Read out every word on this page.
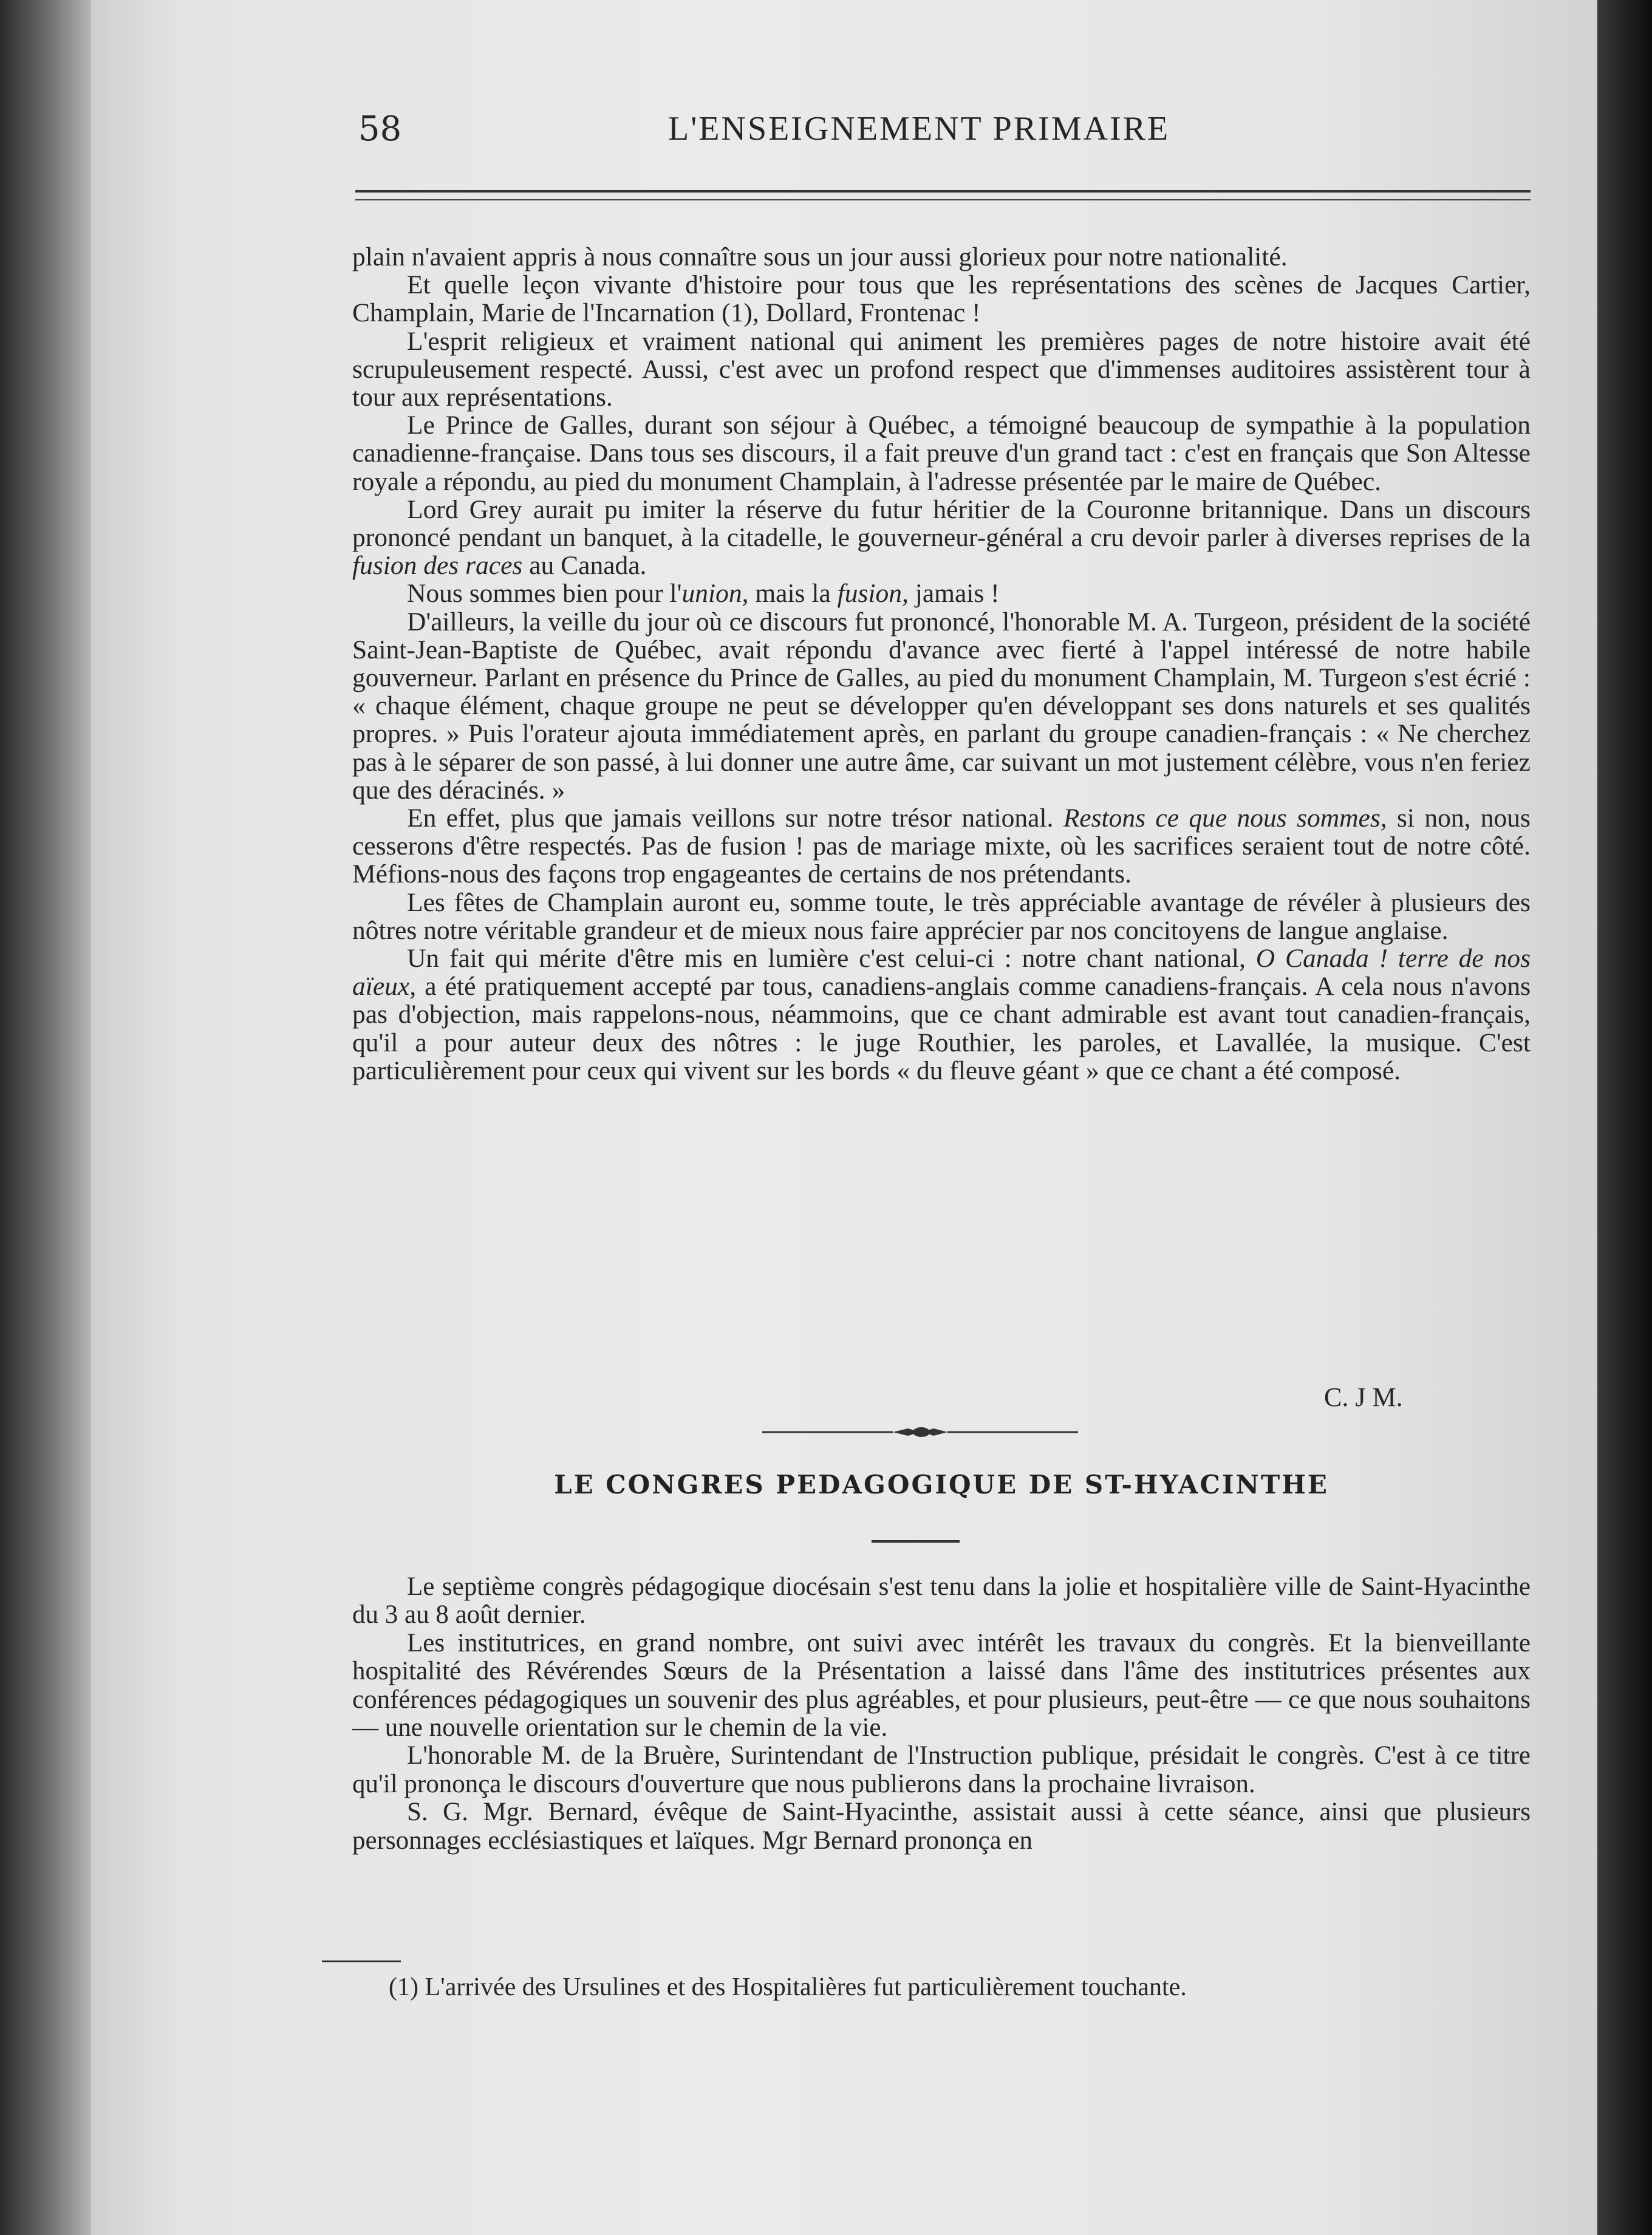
58	L'ENSEIGNEMENT PRIMAIRE

plain n'avaient appris à nous connaître sous un jour aussi glorieux pour notre nationalité.

Et quelle leçon vivante d'histoire pour tous que les représentations des scènes de Jacques Cartier, Champlain, Marie de l'Incarnation (1), Dollard, Frontenac !

L'esprit religieux et vraiment national qui animent les premières pages de notre histoire avait été scrupuleusement respecté. Aussi, c'est avec un profond respect que d'immenses auditoires assistèrent tour à tour aux représentations.

Le Prince de Galles, durant son séjour à Québec, a témoigné beaucoup de sympathie à la population canadienne-française. Dans tous ses discours, il a fait preuve d'un grand tact : c'est en français que Son Altesse royale a répondu, au pied du monument Champlain, à l'adresse présentée par le maire de Québec.

Lord Grey aurait pu imiter la réserve du futur héritier de la Couronne britannique. Dans un discours prononcé pendant un banquet, à la citadelle, le gouverneur-général a cru devoir parler à diverses reprises de la fusion des races au Canada.

Nous sommes bien pour l'union, mais la fusion, jamais !

D'ailleurs, la veille du jour où ce discours fut prononcé, l'honorable M. A. Turgeon, président de la société Saint-Jean-Baptiste de Québec, avait répondu d'avance avec fierté à l'appel intéressé de notre habile gouverneur. Parlant en présence du Prince de Galles, au pied du monument Champlain, M. Turgeon s'est écrié : « chaque élément, chaque groupe ne peut se développer qu'en développant ses dons naturels et ses qualités propres. » Puis l'orateur ajouta immédiatement après, en parlant du groupe canadien-français : « Ne cherchez pas à le séparer de son passé, à lui donner une autre âme, car suivant un mot justement célèbre, vous n'en feriez que des déracinés. »

En effet, plus que jamais veillons sur notre trésor national. Restons ce que nous sommes, si non, nous cesserons d'être respectés. Pas de fusion ! pas de mariage mixte, où les sacrifices seraient tout de notre côté. Méfions-nous des façons trop engageantes de certains de nos prétendants.

Les fêtes de Champlain auront eu, somme toute, le très appréciable avantage de révéler à plusieurs des nôtres notre véritable grandeur et de mieux nous faire apprécier par nos concitoyens de langue anglaise.

Un fait qui mérite d'être mis en lumière c'est celui-ci : notre chant national, O Canada ! terre de nos aïeux, a été pratiquement accepté par tous, canadiens-anglais comme canadiens-français. A cela nous n'avons pas d'objection, mais rappelons-nous, néammoins, que ce chant admirable est avant tout canadien-français, qu'il a pour auteur deux des nôtres : le juge Routhier, les paroles, et Lavallée, la musique. C'est particulièrement pour ceux qui vivent sur les bords « du fleuve géant » que ce chant a été composé.

C. J M.
LE CONGRES PEDAGOGIQUE DE ST-HYACINTHE

Le septième congrès pédagogique diocésain s'est tenu dans la jolie et hospitalière ville de Saint-Hyacinthe du 3 au 8 août dernier.

Les institutrices, en grand nombre, ont suivi avec intérêt les travaux du congrès. Et la bienveillante hospitalité des Révérendes Sœurs de la Présentation a laissé dans l'âme des institutrices présentes aux conférences pédagogiques un souvenir des plus agréables, et pour plusieurs, peut-être — ce que nous souhaitons — une nouvelle orientation sur le chemin de la vie.

L'honorable M. de la Bruère, Surintendant de l'Instruction publique, présidait le congrès. C'est à ce titre qu'il prononça le discours d'ouverture que nous publierons dans la prochaine livraison.

S. G. Mgr. Bernard, évêque de Saint-Hyacinthe, assistait aussi à cette séance, ainsi que plusieurs personnages ecclésiastiques et laïques. Mgr Bernard prononça en

(1) L'arrivée des Ursulines et des Hospitalières fut particulièrement touchante.
